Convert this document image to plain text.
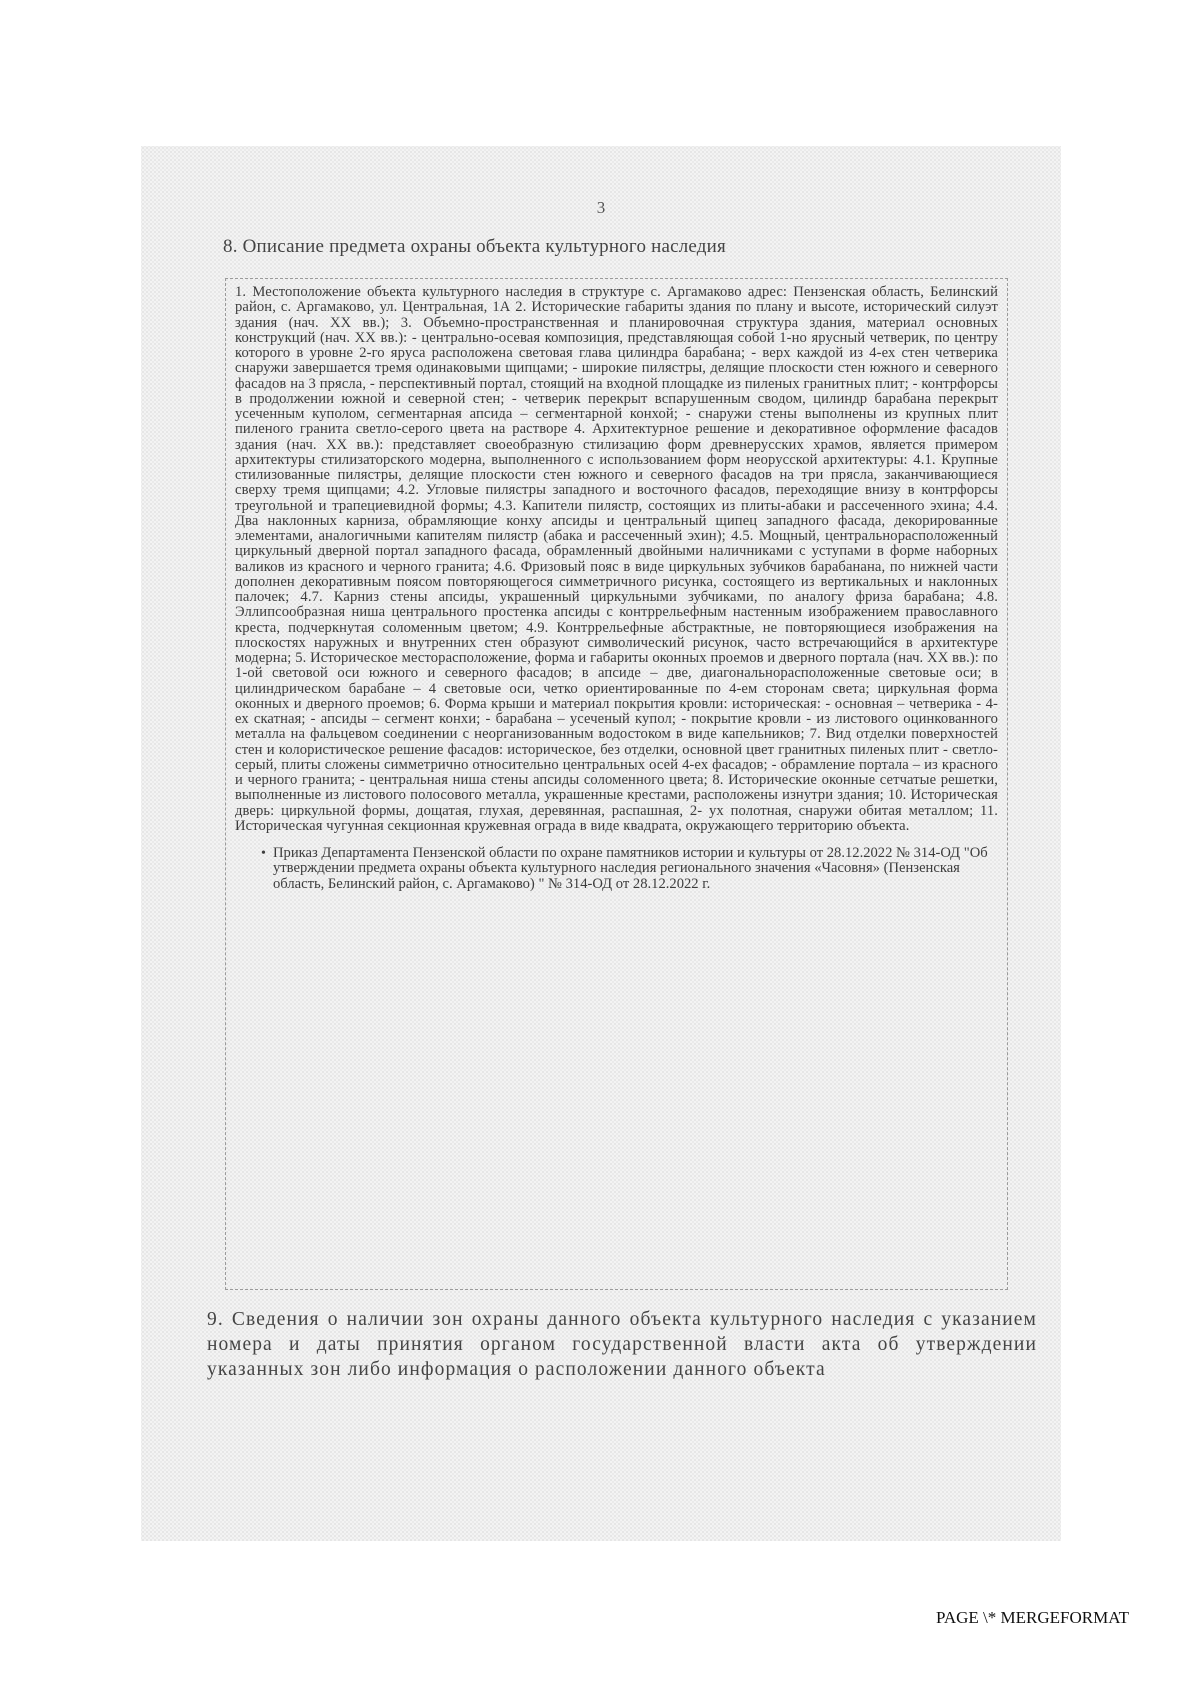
3
8. Описание предмета охраны объекта культурного наследия

1. Местоположение объекта культурного наследия в структуре с. Аргамаково адрес: Пензенская область, Белинский район, с. Аргамаково, ул. Центральная, 1А 2. Исторические габариты здания по плану и высоте, исторический силуэт здания (нач. XX вв.); 3. Объемно-пространственная и планировочная структура здания, материал основных конструкций (нач. XX вв.): - центрально-осевая композиция, представляющая собой 1-но ярусный четверик, по центру которого в уровне 2-го яруса расположена световая глава цилиндра барабана; - верх каждой из 4-ех стен четверика снаружи завершается тремя одинаковыми щипцами; - широкие пилястры, делящие плоскости стен южного и северного фасадов на 3 прясла, - перспективный портал, стоящий на входной площадке из пиленых гранитных плит; - контрфорсы в продолжении южной и северной стен; - четверик перекрыт вспарушенным сводом, цилиндр барабана перекрыт усеченным куполом, сегментарная апсида – сегментарной конхой; - снаружи стены выполнены из крупных плит пиленого гранита светло-серого цвета на растворе 4. Архитектурное решение и декоративное оформление фасадов здания (нач. XX вв.): представляет своеобразную стилизацию форм древнерусских храмов, является примером архитектуры стилизаторского модерна, выполненного с использованием форм неорусской архитектуры: 4.1. Крупные стилизованные пилястры, делящие плоскости стен южного и северного фасадов на три прясла, заканчивающиеся сверху тремя щипцами; 4.2. Угловые пилястры западного и восточного фасадов, переходящие внизу в контрфорсы треугольной и трапециевидной формы; 4.3. Капители пилястр, состоящих из плиты-абаки и рассеченного эхина; 4.4. Два наклонных карниза, обрамляющие конху апсиды и центральный щипец западного фасада, декорированные элементами, аналогичными капителям пилястр (абака и рассеченный эхин); 4.5. Мощный, центральнорасположенный циркульный дверной портал западного фасада, обрамленный двойными наличниками с уступами в форме наборных валиков из красного и черного гранита; 4.6. Фризовый пояс в виде циркульных зубчиков барабанана, по нижней части дополнен декоративным поясом повторяющегося симметричного рисунка, состоящего из вертикальных и наклонных палочек; 4.7. Карниз стены апсиды, украшенный циркульными зубчиками, по аналогу фриза барабана; 4.8. Эллипсообразная ниша центрального простенка апсиды с контррельефным настенным изображением православного креста, подчеркнутая соломенным цветом; 4.9. Контррельефные абстрактные, не повторяющиеся изображения на плоскостях наружных и внутренних стен образуют символический рисунок, часто встречающийся в архитектуре модерна; 5. Историческое месторасположение, форма и габариты оконных проемов и дверного портала (нач. XX вв.): по 1-ой световой оси южного и северного фасадов; в апсиде – две, диагональнорасположенные световые оси; в цилиндрическом барабане – 4 световые оси, четко ориентированные по 4-ем сторонам света; циркульная форма оконных и дверного проемов; 6. Форма крыши и материал покрытия кровли: историческая: - основная – четверика - 4-ех скатная; - апсиды – сегмент конхи; - барабана – усеченый купол; - покрытие кровли - из листового оцинкованного металла на фальцевом соединении с неорганизованным водостоком в виде капельников; 7. Вид отделки поверхностей стен и колористическое решение фасадов: историческое, без отделки, основной цвет гранитных пиленых плит - светло-серый, плиты сложены симметрично относительно центральных осей 4-ех фасадов; - обрамление портала – из красного и черного гранита; - центральная ниша стены апсиды соломенного цвета; 8. Исторические оконные сетчатые решетки, выполненные из листового полосового металла, украшенные крестами, расположены изнутри здания; 10. Историческая дверь: циркульной формы, дощатая, глухая, деревянная, распашная, 2- ух полотная, снаружи обитая металлом; 11. Историческая чугунная секционная кружевная ограда в виде квадрата, окружающего территорию объекта.

• Приказ Департамента Пензенской области по охране памятников истории и культуры от 28.12.2022 № 314-ОД "Об утверждении предмета охраны объекта культурного наследия регионального значения «Часовня» (Пензенская область, Белинский район, с. Аргамаково) " № 314-ОД от 28.12.2022 г.

9. Сведения о наличии зон охраны данного объекта культурного наследия с указанием номера и даты принятия органом государственной власти акта об утверждении указанных зон либо информация о расположении данного объекта

PAGE \* MERGEFORMAT
